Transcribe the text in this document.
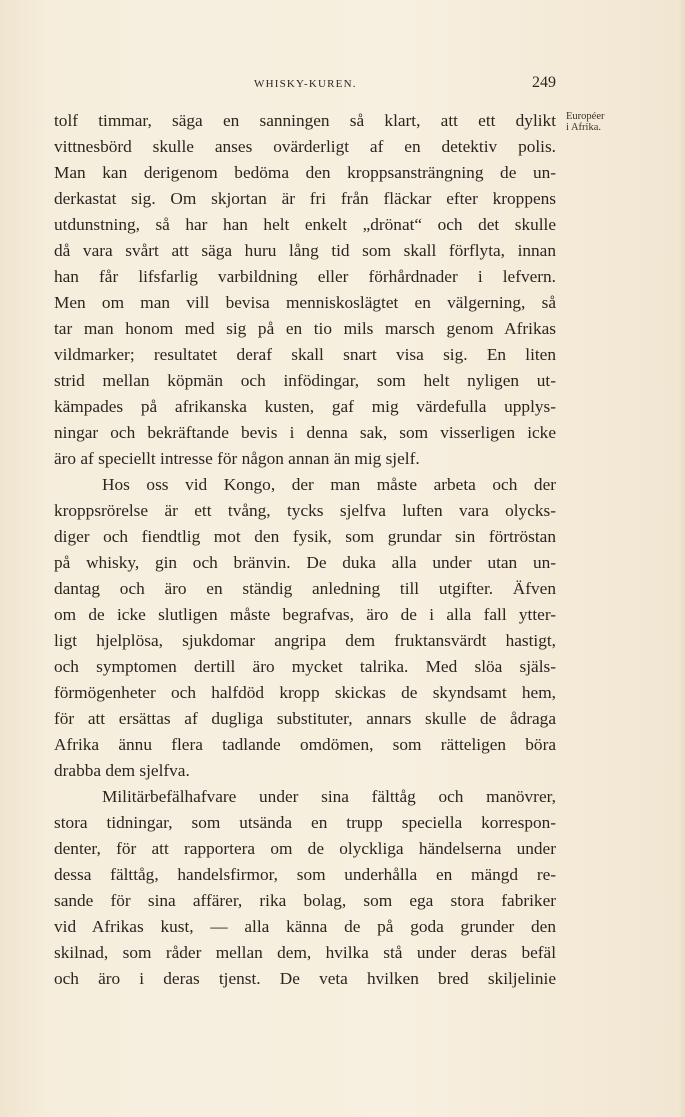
WHISKY-KUREN.	249
Européer
i Afrika.
tolf timmar, säga en sanningen så klart, att ett dylikt
vittnesbörd skulle anses ovärderligt af en detektiv polis.
Man kan derigenom bedöma den kroppsansträngning de un-
derkastat sig. Om skjortan är fri från fläckar efter kroppens
utdunstning, så har han helt enkelt „drönat“ och det skulle
då vara svårt att säga huru lång tid som skall förflyta, innan
han får lifsfarlig varbildning eller förhårdnader i lefvern.
Men om man vill bevisa menniskoslägtet en välgerning, så
tar man honom med sig på en tio mils marsch genom Afrikas
vildmarker; resultatet deraf skall snart visa sig. En liten
strid mellan köpmän och infödingar, som helt nyligen ut-
kämpades på afrikanska kusten, gaf mig värdefulla upplys-
ningar och bekräftande bevis i denna sak, som visserligen icke
äro af speciellt intresse för någon annan än mig sjelf.
Hos oss vid Kongo, der man måste arbeta och der
kroppsrörelse är ett tvång, tycks sjelfva luften vara olycks-
diger och fiendtlig mot den fysik, som grundar sin förtröstan
på whisky, gin och bränvin. De duka alla under utan un-
dantag och äro en ständig anledning till utgifter. Äfven
om de icke slutligen måste begrafvas, äro de i alla fall ytter-
ligt hjelplösa, sjukdomar angripa dem fruktansvärdt hastigt,
och symptomen dertill äro mycket talrika. Med slöa själs-
förmögenheter och halfdöd kropp skickas de skyndsamt hem,
för att ersättas af dugliga substituter, annars skulle de ådraga
Afrika ännu flera tadlande omdömen, som rätteligen böra
drabba dem sjelfva.
Militärbefälhafvare under sina fälttåg och manövrer,
stora tidningar, som utsända en trupp speciella korrespon-
denter, för att rapportera om de olyckliga händelserna under
dessa fälttåg, handelsfirmor, som underhålla en mängd re-
sande för sina affärer, rika bolag, som ega stora fabriker
vid Afrikas kust, — alla känna de på goda grunder den
skilnad, som råder mellan dem, hvilka stå under deras befäl
och äro i deras tjenst. De veta hvilken bred skiljelinie
